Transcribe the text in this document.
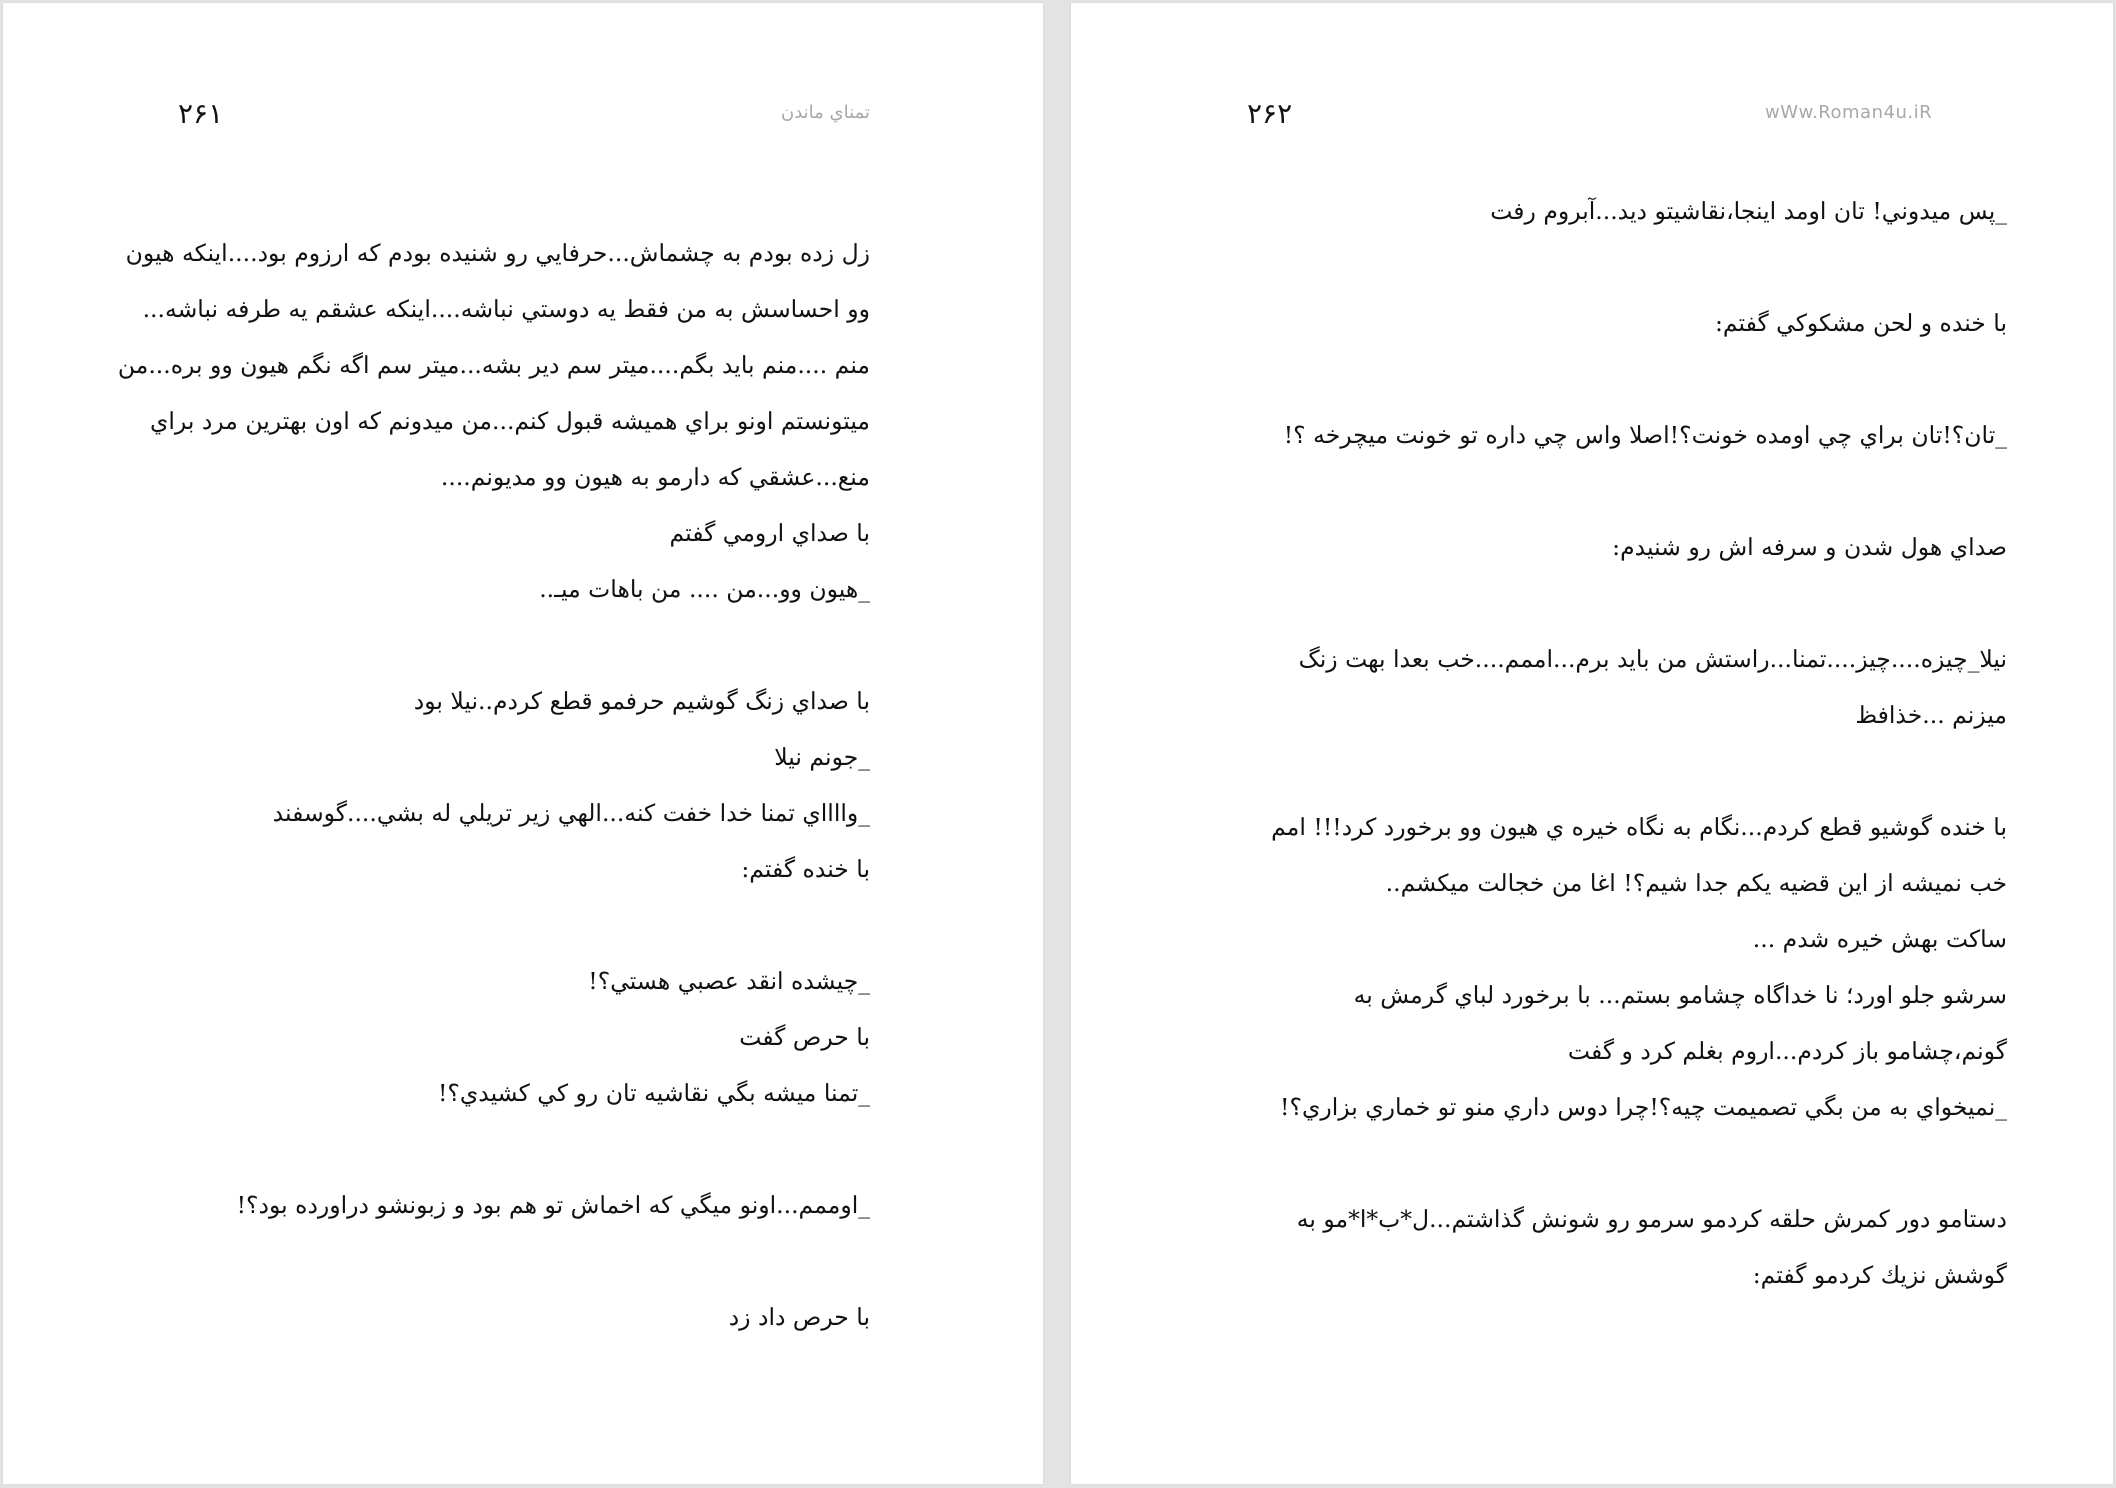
۲۶۱	تمناي ماندن
زل زده بودم به چشماش...حرفايي رو شنيده بودم كه ارزوم بود....اينكه هيون
وو احساسش به من فقط يه دوستي نباشه....اينكه عشقم يه طرفه نباشه...
منم ....منم بايد بگم....ميتر سم دير بشه...ميتر سم اگه نگم هيون وو بره...من
ميتونستم اونو براي هميشه قبول كنم...من ميدونم كه اون بهترين مرد براي
منع...عشقي كه دارمو به هيون وو مديونم....
با صداي ارومي گفتم
_هيون وو...من .... من باهات ميـ..
با صداي زنگ گوشيم حرفمو قطع كردم..نيلا بود
_جونم نيلا
_وااااي تمنا خدا خفت كنه...الهي زير تريلي له بشي....گوسفند
با خنده گفتم:
_چيشده انقد عصبي هستي؟!
با حرص گفت
_تمنا ميشه بگي نقاشيه تان رو كي كشيدي؟!
_اوممم...اونو ميگي كه اخماش تو هم بود و زبونشو دراورده بود؟!
با حرص داد زد
۲۶۲	wWw.Roman4u.iR
_پس ميدوني! تان اومد اينجا،نقاشيتو ديد...آبروم رفت
با خنده و لحن مشكوكي گفتم:
_تان؟!تان براي چي اومده خونت؟!اصلا واس چي داره تو خونت ميچرخه ؟!
صداي هول شدن و سرفه اش رو شنيدم:
نيلا_چيزه....چيز....تمنا...راستش من بايد برم...اممم....خب بعدا بهت زنگ
ميزنم ...خذافظ
با خنده گوشيو قطع كردم...نگام به نگاه خيره ي هيون وو برخورد كرد!!! امم
خب نميشه از اين قضيه يكم جدا شيم؟! اغا من خجالت ميكشم..
ساكت بهش خيره شدم ...
سرشو جلو اورد؛ نا خداگاه چشامو بستم... با برخورد لباي گرمش به
گونم،چشامو باز كردم...اروم بغلم كرد و گفت
_نميخواي به من بگي تصميمت چيه؟!چرا دوس داري منو تو خماري بزاري؟!
دستامو دور كمرش حلقه كردمو سرمو رو شونش گذاشتم...ل*ب*ا*مو به
گوشش نزيك كردمو گفتم:
